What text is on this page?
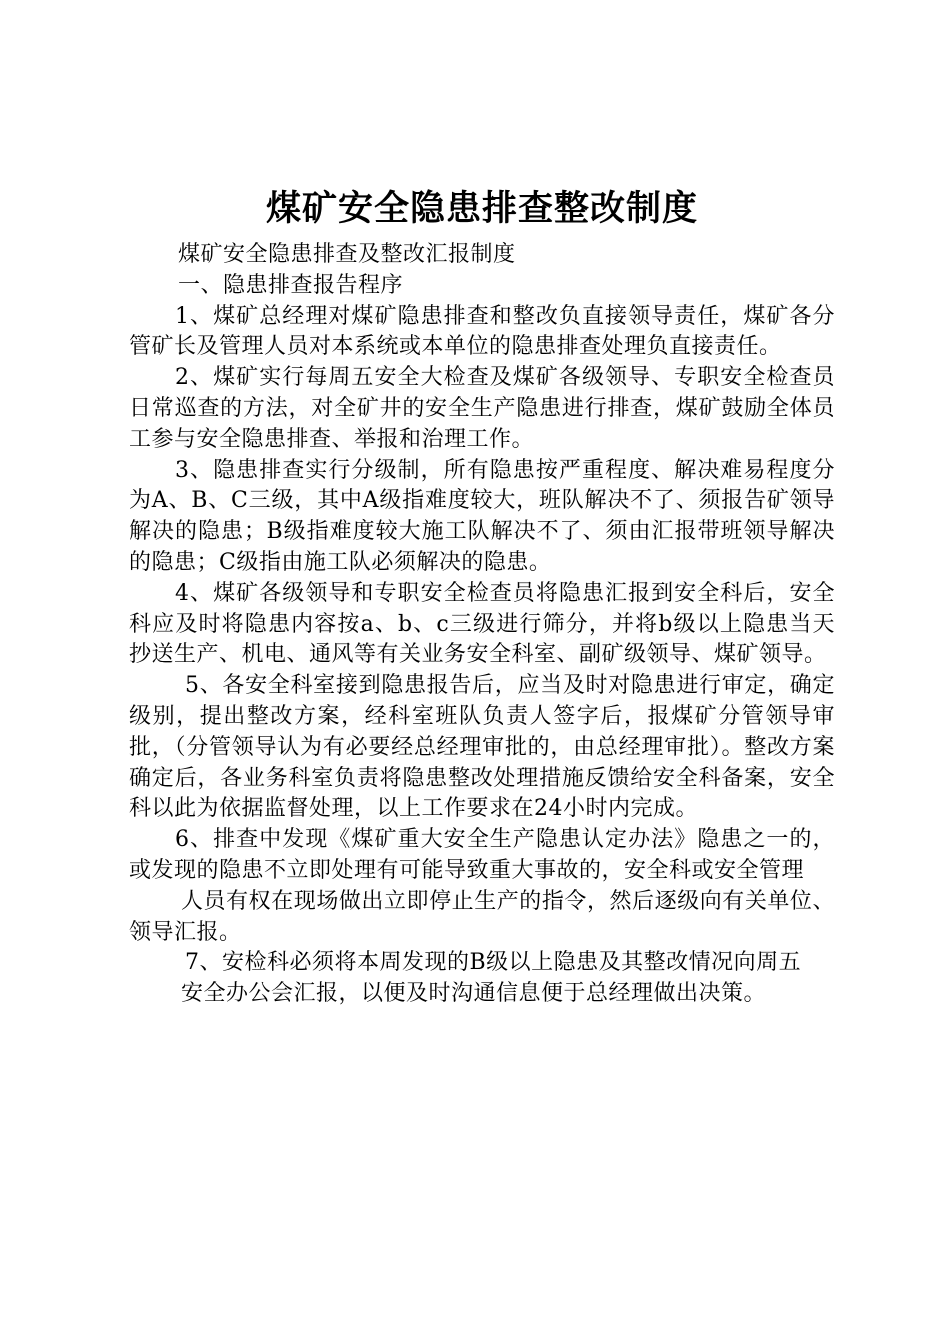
煤矿安全隐患排查整改制度

煤矿安全隐患排查及整改汇报制度

一、隐患排查报告程序

1、煤矿总经理对煤矿隐患排查和整改负直接领导责任，煤矿各分管矿长及管理人员对本系统或本单位的隐患排查处理负直接责任。

2、煤矿实行每周五安全大检查及煤矿各级领导、专职安全检查员日常巡查的方法，对全矿井的安全生产隐患进行排查，煤矿鼓励全体员工参与安全隐患排查、举报和治理工作。

3、隐患排查实行分级制，所有隐患按严重程度、解决难易程度分为A、B、C三级，其中A级指难度较大，班队解决不了、须报告矿领导解决的隐患；B级指难度较大施工队解决不了、须由汇报带班领导解决的隐患；C级指由施工队必须解决的隐患。

4、煤矿各级领导和专职安全检查员将隐患汇报到安全科后，安全科应及时将隐患内容按a、b、c三级进行筛分，并将b级以上隐患当天抄送生产、机电、通风等有关业务安全科室、副矿级领导、煤矿领导。

5、各安全科室接到隐患报告后，应当及时对隐患进行审定，确定级别，提出整改方案，经科室班队负责人签字后，报煤矿分管领导审批，（分管领导认为有必要经总经理审批的，由总经理审批）。整改方案确定后，各业务科室负责将隐患整改处理措施反馈给安全科备案，安全科以此为依据监督处理，以上工作要求在24小时内完成。

6、排查中发现《煤矿重大安全生产隐患认定办法》隐患之一的，或发现的隐患不立即处理有可能导致重大事故的，安全科或安全管理

人员有权在现场做出立即停止生产的指令，然后逐级向有关单位、领导汇报。

7、安检科必须将本周发现的B级以上隐患及其整改情况向周五

安全办公会汇报，以便及时沟通信息便于总经理做出决策。
